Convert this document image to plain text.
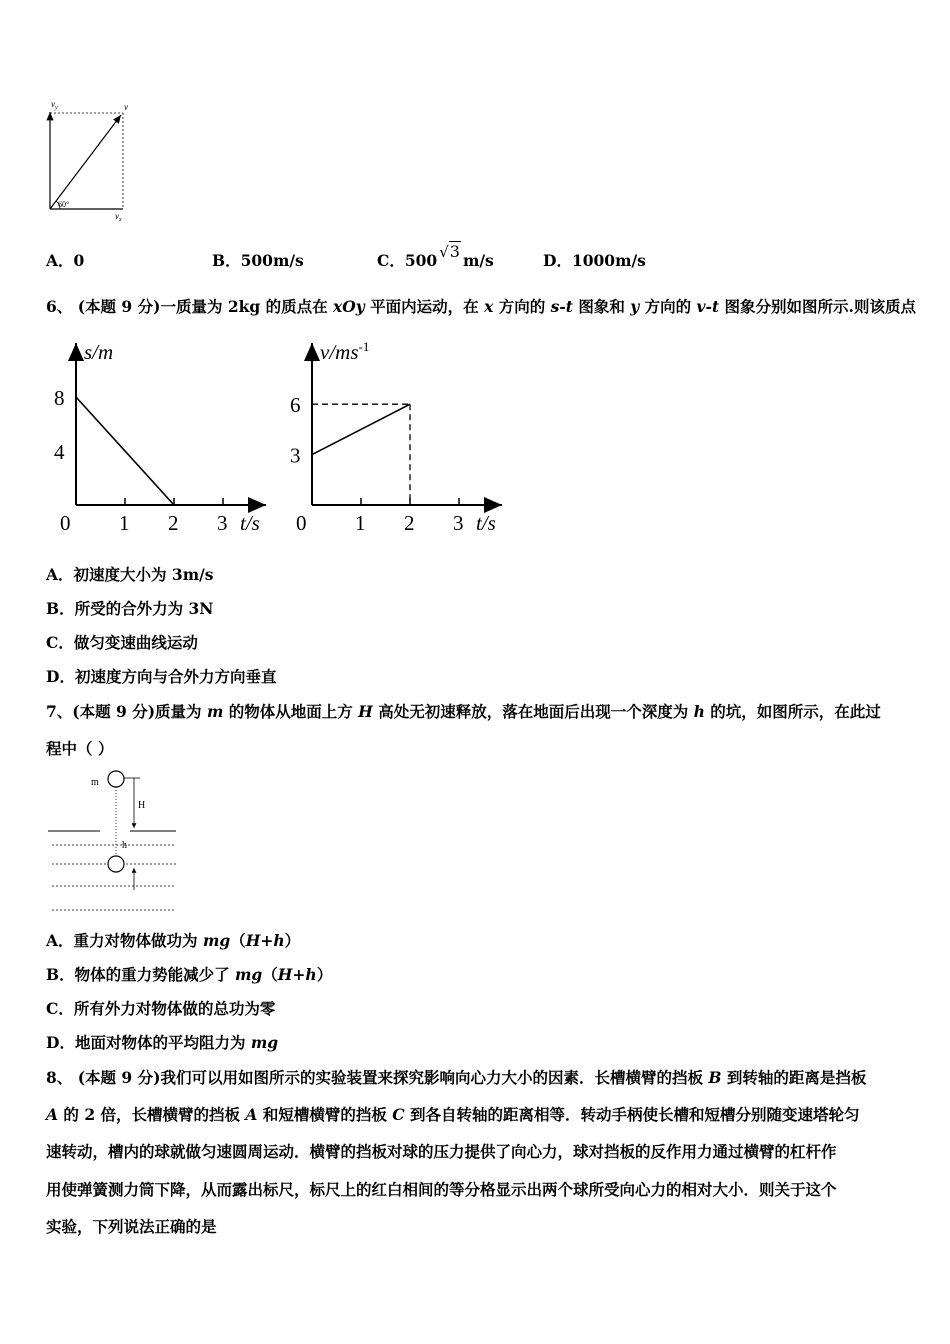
$v_y$	v
60°
$v_x$
A．0	B．500m/s	C．500 √3 m/s	D．1000m/s
6、 (本题 9 分)一质量为 2kg 的质点在 xOy 平面内运动，在 x 方向的 s-t 图象和 y 方向的 v-t 图象分别如图所示.则该质点
s/m
t/s
0 1 2 3
4
8
$v/ms^{-1}$
t/s
0 1 2 3
3
6
A．初速度大小为 3m/s
B．所受的合外力为 3N
C．做匀变速曲线运动
D．初速度方向与合外力方向垂直
7、(本题 9 分)质量为 m 的物体从地面上方 H 高处无初速释放，落在地面后出现一个深度为 h 的坑，如图所示，在此过
程中（ ）
m
H
h
A．重力对物体做功为 mg（H+h）
B．物体的重力势能减少了 mg（H+h）
C．所有外力对物体做的总功为零
D．地面对物体的平均阻力为 mg
8、 (本题 9 分)我们可以用如图所示的实验装置来探究影响向心力大小的因素．长槽横臂的挡板 B 到转轴的距离是挡板
A 的 2 倍，长槽横臂的挡板 A 和短槽横臂的挡板 C 到各自转轴的距离相等．转动手柄使长槽和短槽分别随变速塔轮匀
速转动，槽内的球就做匀速圆周运动．横臂的挡板对球的压力提供了向心力，球对挡板的反作用力通过横臂的杠杆作
用使弹簧测力筒下降，从而露出标尺，标尺上的红白相间的等分格显示出两个球所受向心力的相对大小．则关于这个
实验，下列说法正确的是
